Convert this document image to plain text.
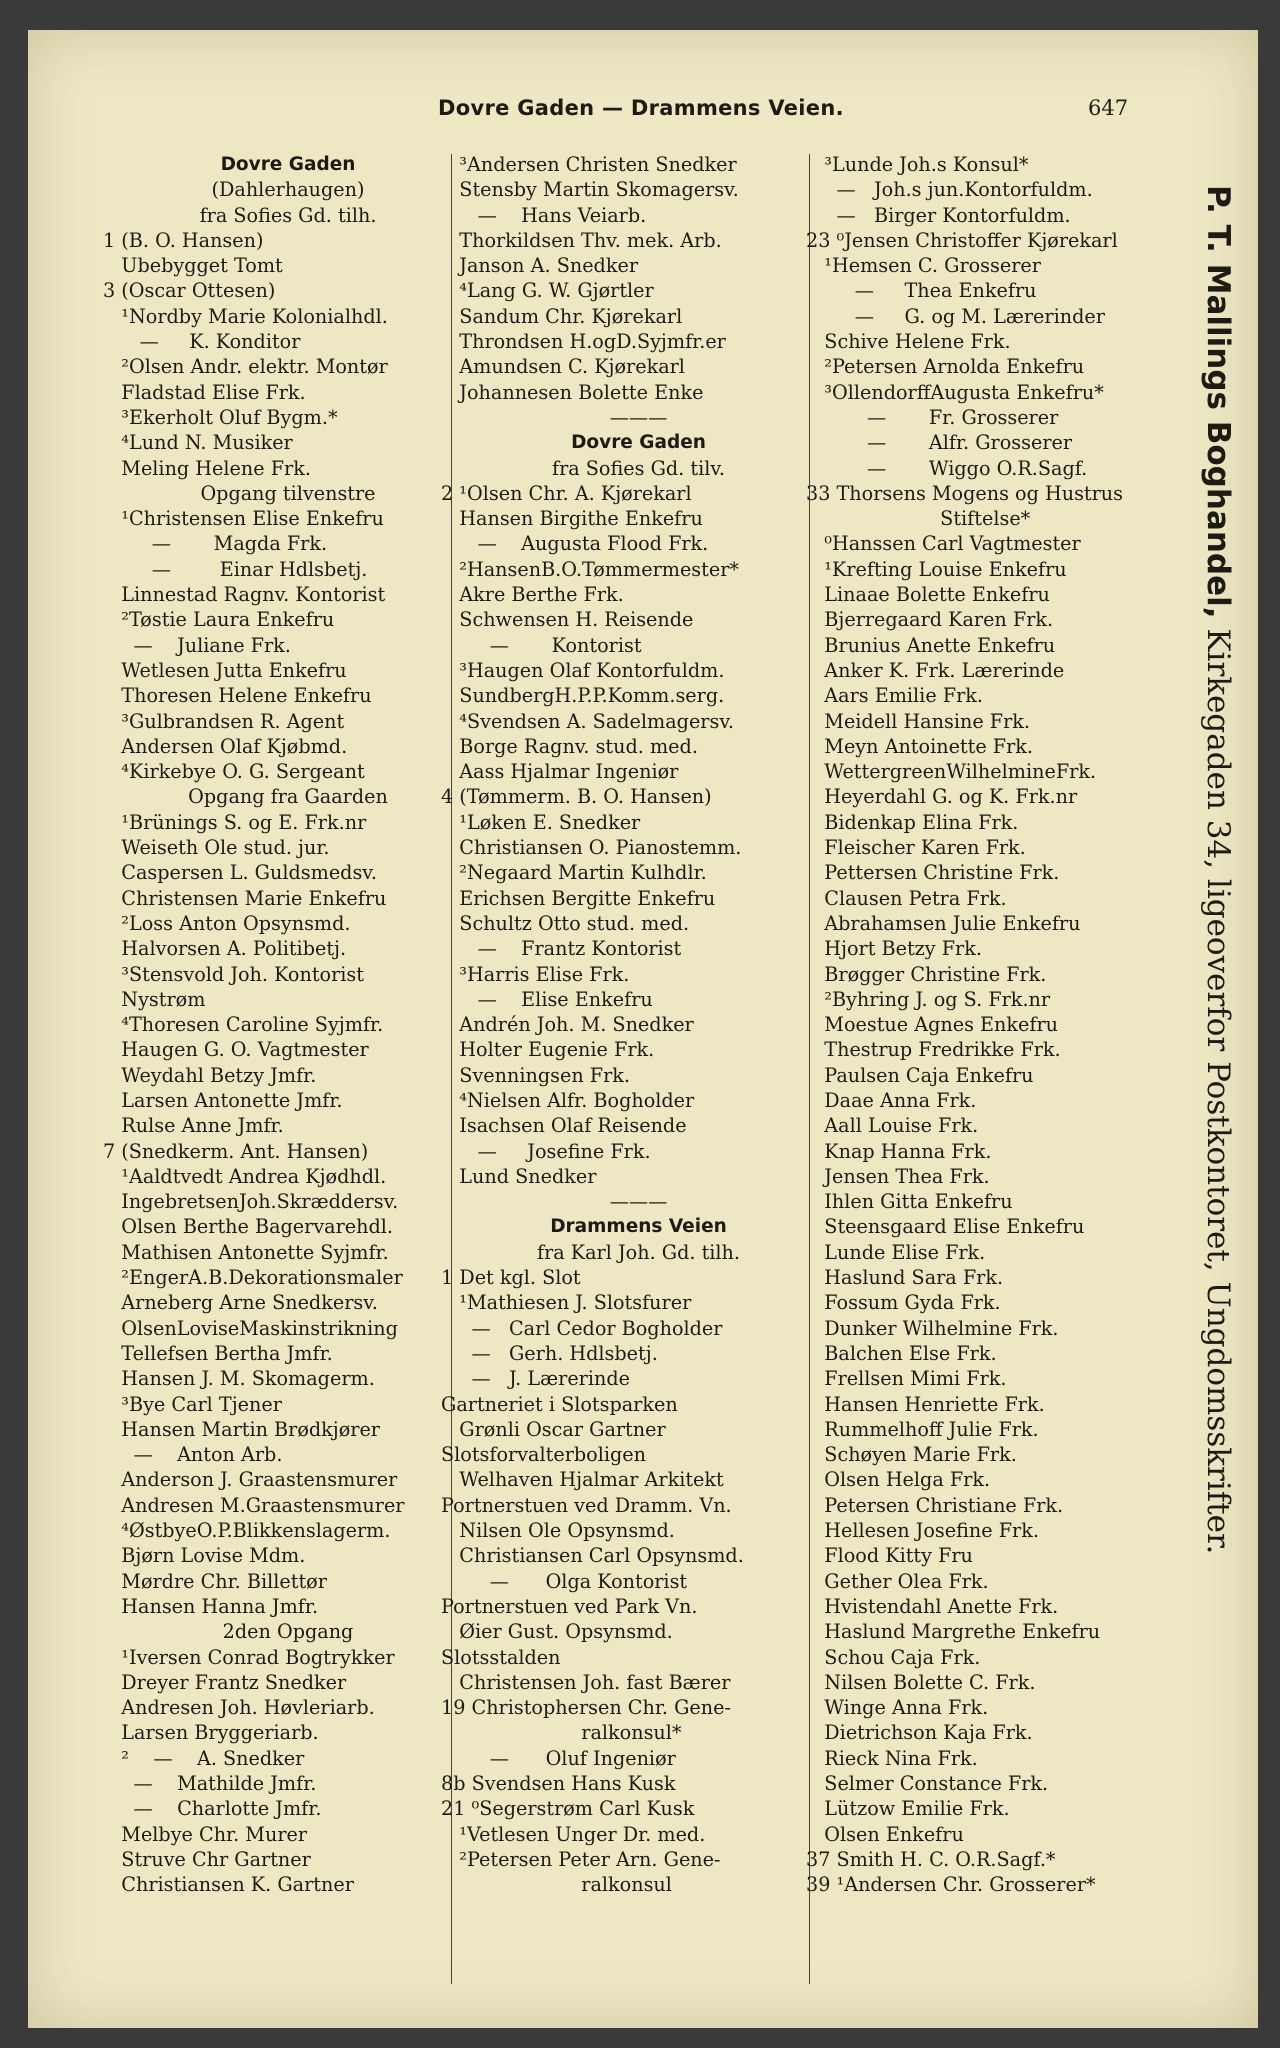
Dovre Gaden — Drammens Veien.	647
Dovre Gaden
(Dahlerhaugen)
fra Sofies Gd. tilh.
1 (B. O. Hansen)
Ubebygget Tomt
3 (Oscar Ottesen)
¹Nordby Marie Kolonialhdl.
—     K. Konditor
²Olsen Andr. elektr. Montør
Fladstad Elise Frk.
³Ekerholt Oluf Bygm.*
⁴Lund N. Musiker
Meling Helene Frk.
Opgang tilvenstre
¹Christensen Elise Enkefru
—       Magda Frk.
—        Einar Hdlsbetj.
Linnestad Ragnv. Kontorist
²Tøstie Laura Enkefru
—    Juliane Frk.
Wetlesen Jutta Enkefru
Thoresen Helene Enkefru
³Gulbrandsen R. Agent
Andersen Olaf Kjøbmd.
⁴Kirkebye O. G. Sergeant
Opgang fra Gaarden
¹Brünings S. og E. Frk.nr
Weiseth Ole stud. jur.
Caspersen L. Guldsmedsv.
Christensen Marie Enkefru
²Loss Anton Opsynsmd.
Halvorsen A. Politibetj.
³Stensvold Joh. Kontorist
Nystrøm
⁴Thoresen Caroline Syjmfr.
Haugen G. O. Vagtmester
Weydahl Betzy Jmfr.
Larsen Antonette Jmfr.
Rulse Anne Jmfr.
7 (Snedkerm. Ant. Hansen)
¹Aaldtvedt Andrea Kjødhdl.
IngebretsenJoh.Skræddersv.
Olsen Berthe Bagervarehdl.
Mathisen Antonette Syjmfr.
²EngerA.B.Dekorationsmaler
Arneberg Arne Snedkersv.
OlsenLoviseMaskinstrikning
Tellefsen Bertha Jmfr.
Hansen J. M. Skomagerm.
³Bye Carl Tjener
Hansen Martin Brødkjører
—    Anton Arb.
Anderson J. Graastensmurer
Andresen M.Graastensmurer
⁴ØstbyeO.P.Blikkenslagerm.
Bjørn Lovise Mdm.
Mørdre Chr. Billettør
Hansen Hanna Jmfr.
2den Opgang
¹Iversen Conrad Bogtrykker
Dreyer Frantz Snedker
Andresen Joh. Høvleriarb.
Larsen Bryggeriarb.
²    —    A. Snedker
—    Mathilde Jmfr.
—    Charlotte Jmfr.
Melbye Chr. Murer
Struve Chr Gartner
Christiansen K. Gartner
³Andersen Christen Snedker
Stensby Martin Skomagersv.
—    Hans Veiarb.
Thorkildsen Thv. mek. Arb.
Janson A. Snedker
⁴Lang G. W. Gjørtler
Sandum Chr. Kjørekarl
Throndsen H.ogD.Syjmfr.er
Amundsen C. Kjørekarl
Johannesen Bolette Enke
———
Dovre Gaden
fra Sofies Gd. tilv.
2 ¹Olsen Chr. A. Kjørekarl
Hansen Birgithe Enkefru
—    Augusta Flood Frk.
²HansenB.O.Tømmermester*
Akre Berthe Frk.
Schwensen H. Reisende
—       Kontorist
³Haugen Olaf Kontorfuldm.
SundbergH.P.P.Komm.serg.
⁴Svendsen A. Sadelmagersv.
Borge Ragnv. stud. med.
Aass Hjalmar Ingeniør
4 (Tømmerm. B. O. Hansen)
¹Løken E. Snedker
Christiansen O. Pianostemm.
²Negaard Martin Kulhdlr.
Erichsen Bergitte Enkefru
Schultz Otto stud. med.
—    Frantz Kontorist
³Harris Elise Frk.
—    Elise Enkefru
Andrén Joh. M. Snedker
Holter Eugenie Frk.
Svenningsen Frk.
⁴Nielsen Alfr. Bogholder
Isachsen Olaf Reisende
—     Josefine Frk.
Lund Snedker
———
Drammens Veien
fra Karl Joh. Gd. tilh.
1 Det kgl. Slot
¹Mathiesen J. Slotsfurer
—   Carl Cedor Bogholder
—   Gerh. Hdlsbetj.
—   J. Lærerinde
Gartneriet i Slotsparken
Grønli Oscar Gartner
Slotsforvalterboligen
Welhaven Hjalmar Arkitekt
Portnerstuen ved Dramm. Vn.
Nilsen Ole Opsynsmd.
Christiansen Carl Opsynsmd.
—      Olga Kontorist
Portnerstuen ved Park Vn.
Øier Gust. Opsynsmd.
Slotsstalden
Christensen Joh. fast Bærer
19 Christophersen Chr. Gene-
ralkonsul*
—      Oluf Ingeniør
8b Svendsen Hans Kusk
21 ⁰Segerstrøm Carl Kusk
¹Vetlesen Unger Dr. med.
²Petersen Peter Arn. Gene-
ralkonsul
³Lunde Joh.s Konsul*
—   Joh.s jun.Kontorfuldm.
—   Birger Kontorfuldm.
23 ⁰Jensen Christoffer Kjørekarl
¹Hemsen C. Grosserer
—     Thea Enkefru
—     G. og M. Lærerinder
Schive Helene Frk.
²Petersen Arnolda Enkefru
³OllendorffAugusta Enkefru*
—       Fr. Grosserer
—       Alfr. Grosserer
—       Wiggo O.R.Sagf.
33 Thorsens Mogens og Hustrus
Stiftelse*
⁰Hanssen Carl Vagtmester
¹Krefting Louise Enkefru
Linaae Bolette Enkefru
Bjerregaard Karen Frk.
Brunius Anette Enkefru
Anker K. Frk. Lærerinde
Aars Emilie Frk.
Meidell Hansine Frk.
Meyn Antoinette Frk.
WettergreenWilhelmineFrk.
Heyerdahl G. og K. Frk.nr
Bidenkap Elina Frk.
Fleischer Karen Frk.
Pettersen Christine Frk.
Clausen Petra Frk.
Abrahamsen Julie Enkefru
Hjort Betzy Frk.
Brøgger Christine Frk.
²Byhring J. og S. Frk.nr
Moestue Agnes Enkefru
Thestrup Fredrikke Frk.
Paulsen Caja Enkefru
Daae Anna Frk.
Aall Louise Frk.
Knap Hanna Frk.
Jensen Thea Frk.
Ihlen Gitta Enkefru
Steensgaard Elise Enkefru
Lunde Elise Frk.
Haslund Sara Frk.
Fossum Gyda Frk.
Dunker Wilhelmine Frk.
Balchen Else Frk.
Frellsen Mimi Frk.
Hansen Henriette Frk.
Rummelhoff Julie Frk.
Schøyen Marie Frk.
Olsen Helga Frk.
Petersen Christiane Frk.
Hellesen Josefine Frk.
Flood Kitty Fru
Gether Olea Frk.
Hvistendahl Anette Frk.
Haslund Margrethe Enkefru
Schou Caja Frk.
Nilsen Bolette C. Frk.
Winge Anna Frk.
Dietrichson Kaja Frk.
Rieck Nina Frk.
Selmer Constance Frk.
Lützow Emilie Frk.
Olsen Enkefru
37 Smith H. C. O.R.Sagf.*
39 ¹Andersen Chr. Grosserer*
P. T. Mallings Boghandel, Kirkegaden 34, ligeoverfor Postkontoret, Ungdomsskrifter.
